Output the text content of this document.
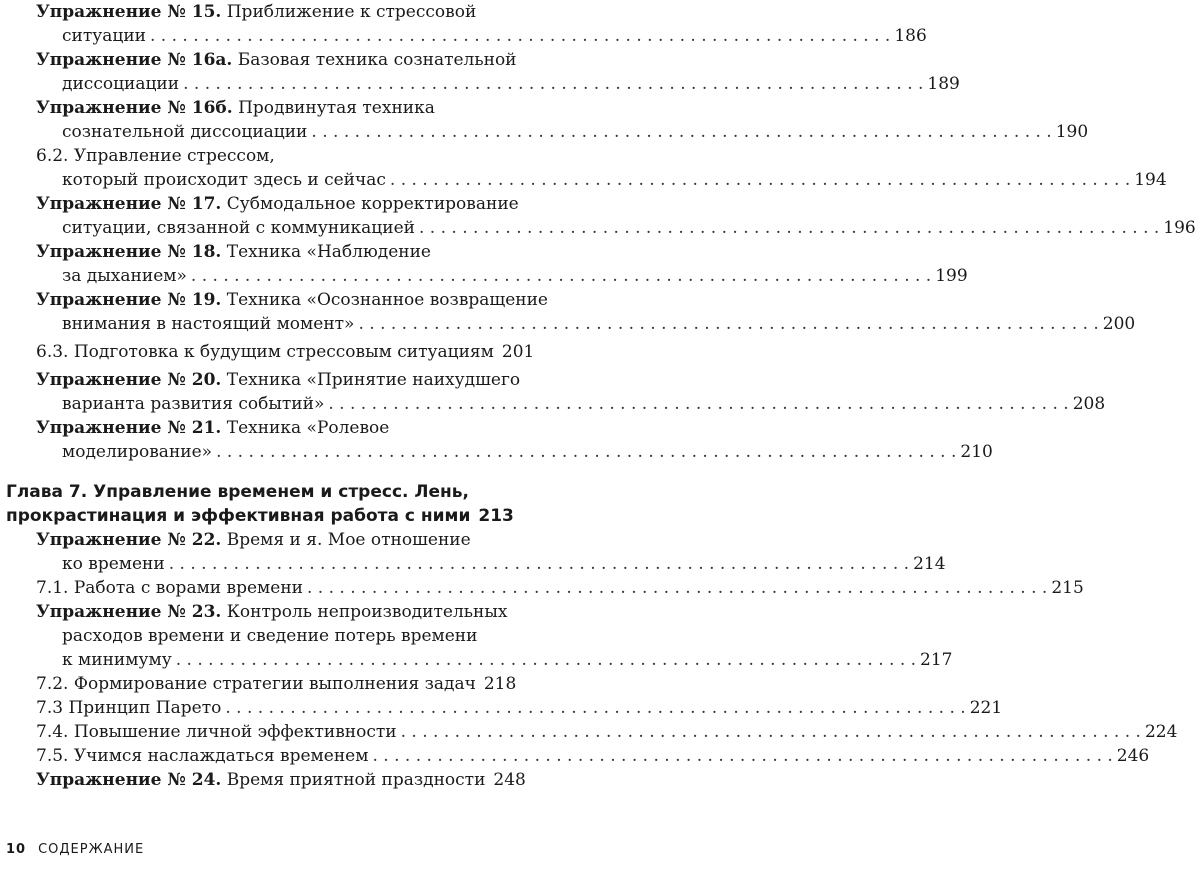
Упражнение № 15.
Приближение к стрессовой
ситуации . . .	186
Упражнение № 16а.
Базовая техника сознательной
диссоциации . . .	189
Упражнение № 16б.
Продвинутая техника
сознательной диссоциации . . .	190
6.2. Управление стрессом,
который происходит здесь и сейчас . . .	194
Упражнение № 17.
Субмодальное корректирование
ситуации, связанной с коммуникацией . . .	196
Упражнение № 18.
Техника «Наблюдение
за дыханием» . . .	199
Упражнение № 19.
Техника «Осознанное возвращение
внимания в настоящий момент» . . .	200
6.3. Подготовка к будущим стрессовым ситуациям 201
Упражнение № 20.
Техника «Принятие наихудшего
варианта развития событий» . . .	208
Упражнение № 21.
Техника «Ролевое
моделирование» . . .	210
Глава 7. Управление временем и стресс. Лень,
прокрастинация и эффективная работа с ними 213
Упражнение № 22.
Время и я. Мое отношение
ко времени . . .	214
7.1. Работа с ворами времени . . .	215
Упражнение № 23.
Контроль непроизводительных
расходов времени и сведение потерь времени
к минимуму . . .	217
7.2. Формирование стратегии выполнения задач 218
7.3 Принцип Парето . . .	221
7.4. Повышение личной эффективности . . .	224
7.5. Учимся наслаждаться временем . . .	246
Упражнение № 24.
Время приятной праздности 248
10 СОДЕРЖАНИЕ
